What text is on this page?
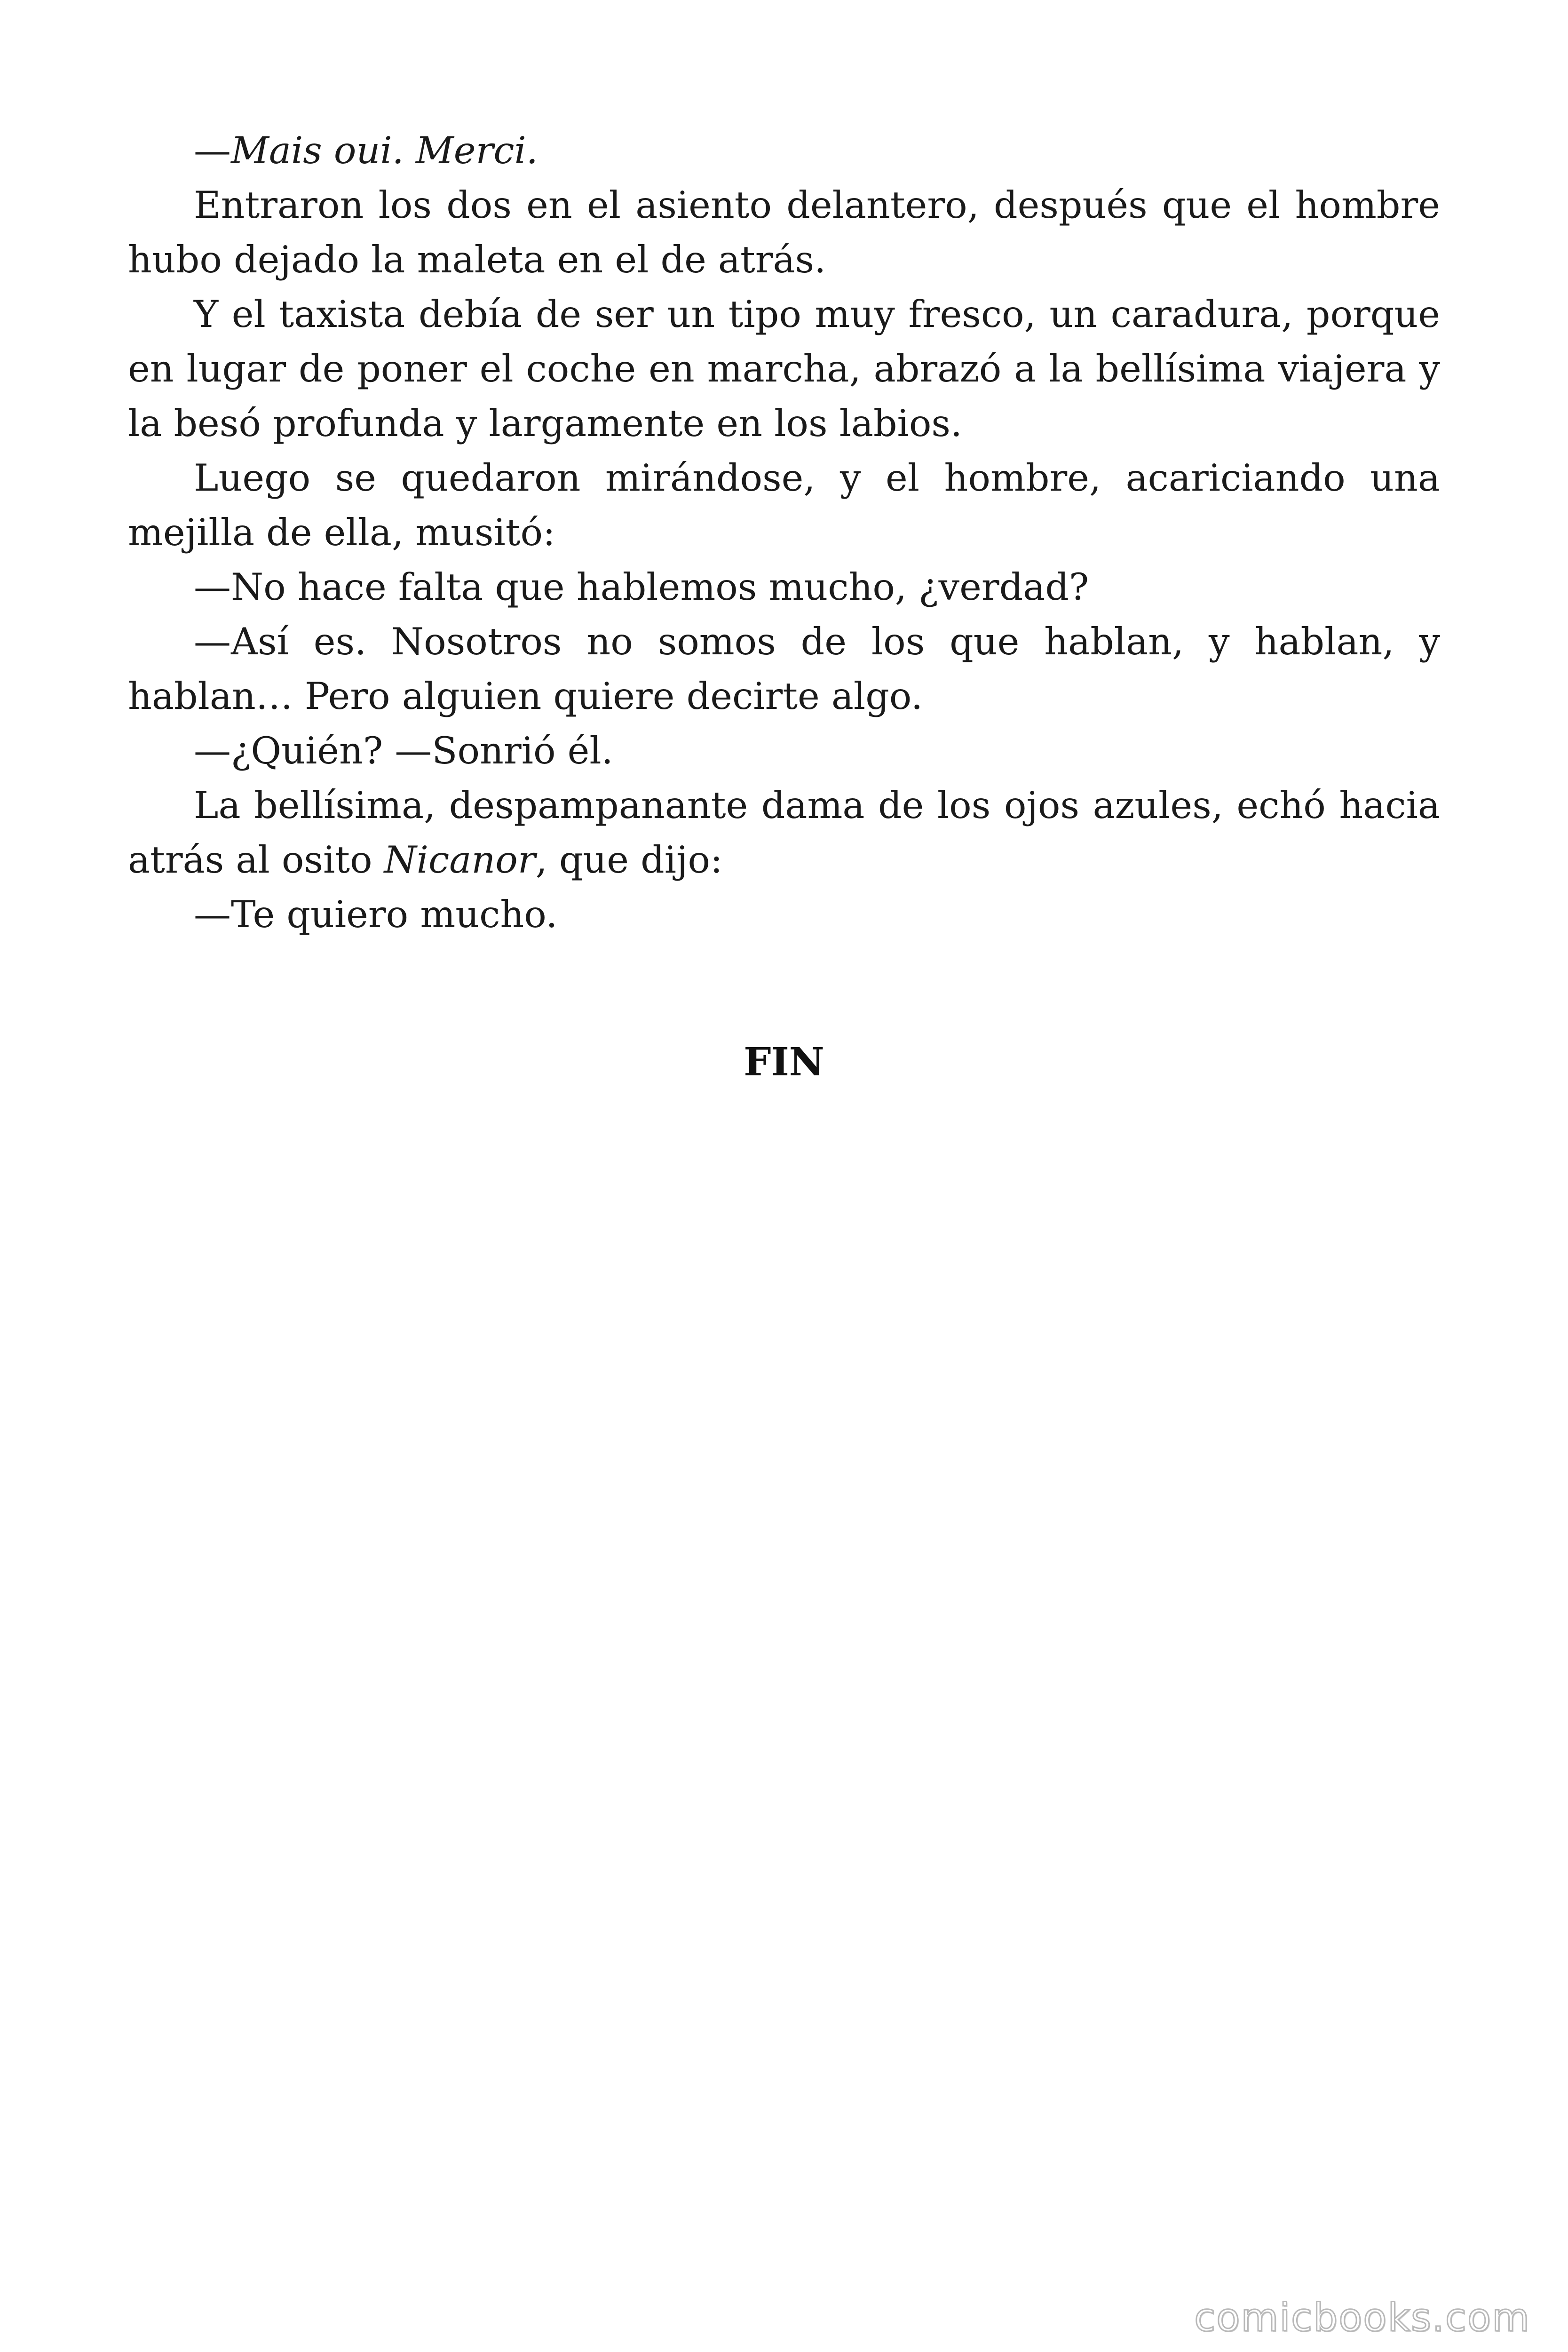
—Mais oui. Merci.

Entraron los dos en el asiento delantero, después que el hombre hubo dejado la maleta en el de atrás.

Y el taxista debía de ser un tipo muy fresco, un caradura, porque en lugar de poner el coche en marcha, abrazó a la bellísima viajera y la besó profunda y largamente en los labios.

Luego se quedaron mirándose, y el hombre, acariciando una mejilla de ella, musitó:

—No hace falta que hablemos mucho, ¿verdad?

—Así es. Nosotros no somos de los que hablan, y hablan, y hablan… Pero alguien quiere decirte algo.

—¿Quién? —Sonrió él.

La bellísima, despampanante dama de los ojos azules, echó hacia atrás al osito Nicanor, que dijo:

—Te quiero mucho.

FIN

comicbooks.com
